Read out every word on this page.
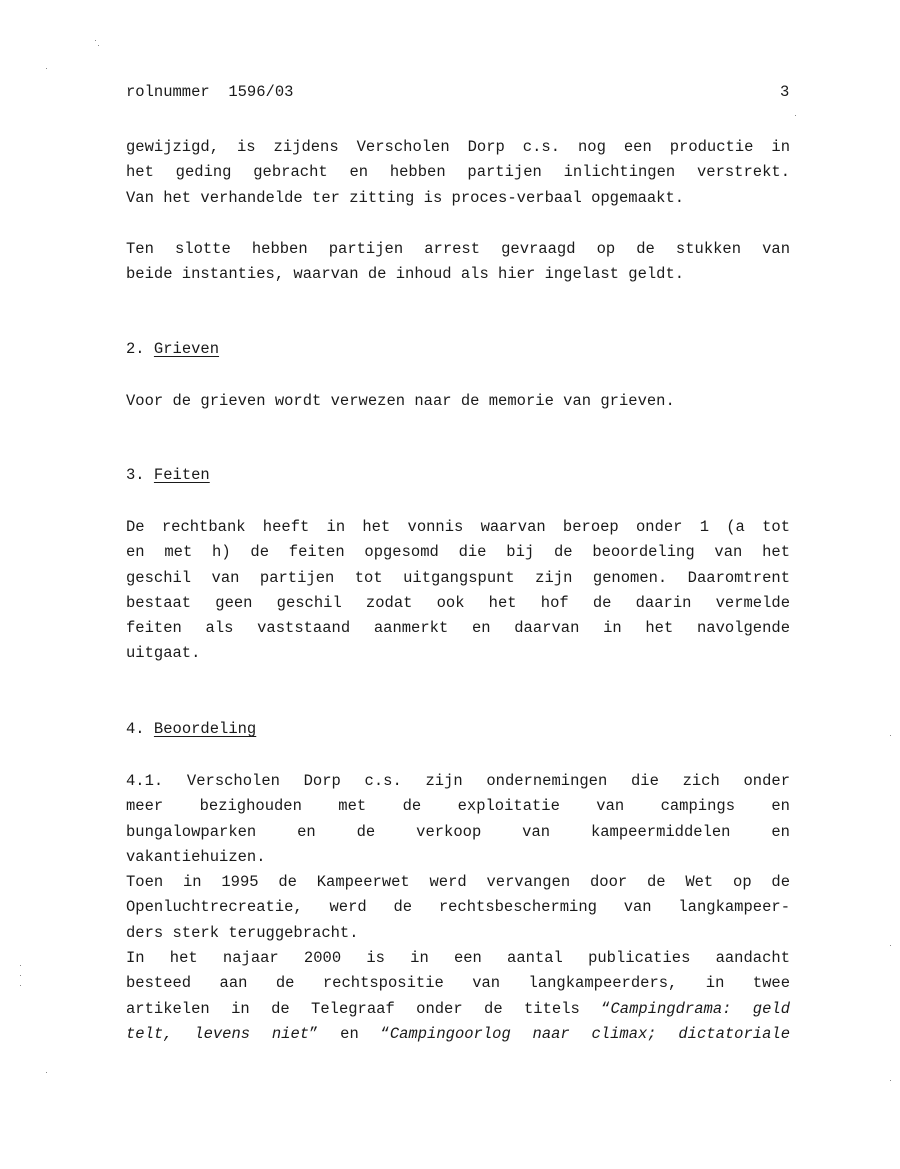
rolnummer 1596/03	3
gewijzigd, is zijdens Verscholen Dorp c.s. nog een productie in
het geding gebracht en hebben partijen inlichtingen verstrekt.
Van het verhandelde ter zitting is proces-verbaal opgemaakt.
Ten slotte hebben partijen arrest gevraagd op de stukken van
beide instanties, waarvan de inhoud als hier ingelast geldt.
2. Grieven
Voor de grieven wordt verwezen naar de memorie van grieven.
3. Feiten
De rechtbank heeft in het vonnis waarvan beroep onder 1 (a tot
en met h) de feiten opgesomd die bij de beoordeling van het
geschil van partijen tot uitgangspunt zijn genomen. Daaromtrent
bestaat geen geschil zodat ook het hof de daarin vermelde
feiten als vaststaand aanmerkt en daarvan in het navolgende
uitgaat.
4. Beoordeling
4.1. Verscholen Dorp c.s. zijn ondernemingen die zich onder
meer bezighouden met de exploitatie van campings en
bungalowparken en de verkoop van kampeermiddelen en
vakantiehuizen.
Toen in 1995 de Kampeerwet werd vervangen door de Wet op de
Openluchtrecreatie, werd de rechtsbescherming van langkampeer-
ders sterk teruggebracht.
In het najaar 2000 is in een aantal publicaties aandacht
besteed aan de rechtspositie van langkampeerders, in twee
artikelen in de Telegraaf onder de titels “Campingdrama: geld
telt, levens niet” en “Campingoorlog naar climax; dictatoriale
